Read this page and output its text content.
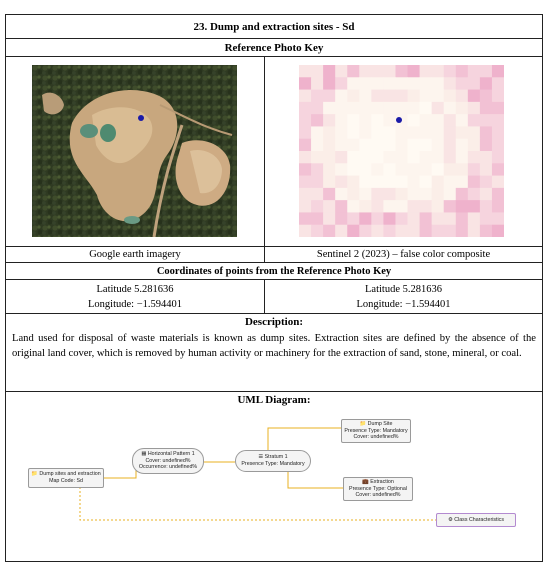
23. Dump and extraction sites - Sd
Reference Photo Key
Google earth imagery	Sentinel 2 (2023) – false color composite
Coordinates of points from the Reference Photo Key
Latitude 5.281636
Longitude: −1.594401
Latitude 5.281636
Longitude: −1.594401
Description:
Land used for disposal of waste materials is known as dump sites. Extraction sites are defined by the absence of the original land cover, which is removed by human activity or machinery for the extraction of sand, stone, mineral, or coal.
UML Diagram:
📁 Dump sites and extraction
Map Code: Sd
▦ Horizontal Pattern 1
Cover: undefined%
Occurrence: undefined%
☰ Stratum 1
Presence Type: Mandatory
📁 Dump Site
Presence Type: Mandatory
Cover: undefined%
💼 Extraction
Presence Type: Optional
Cover: undefined%
⚙ Class Characteristics
